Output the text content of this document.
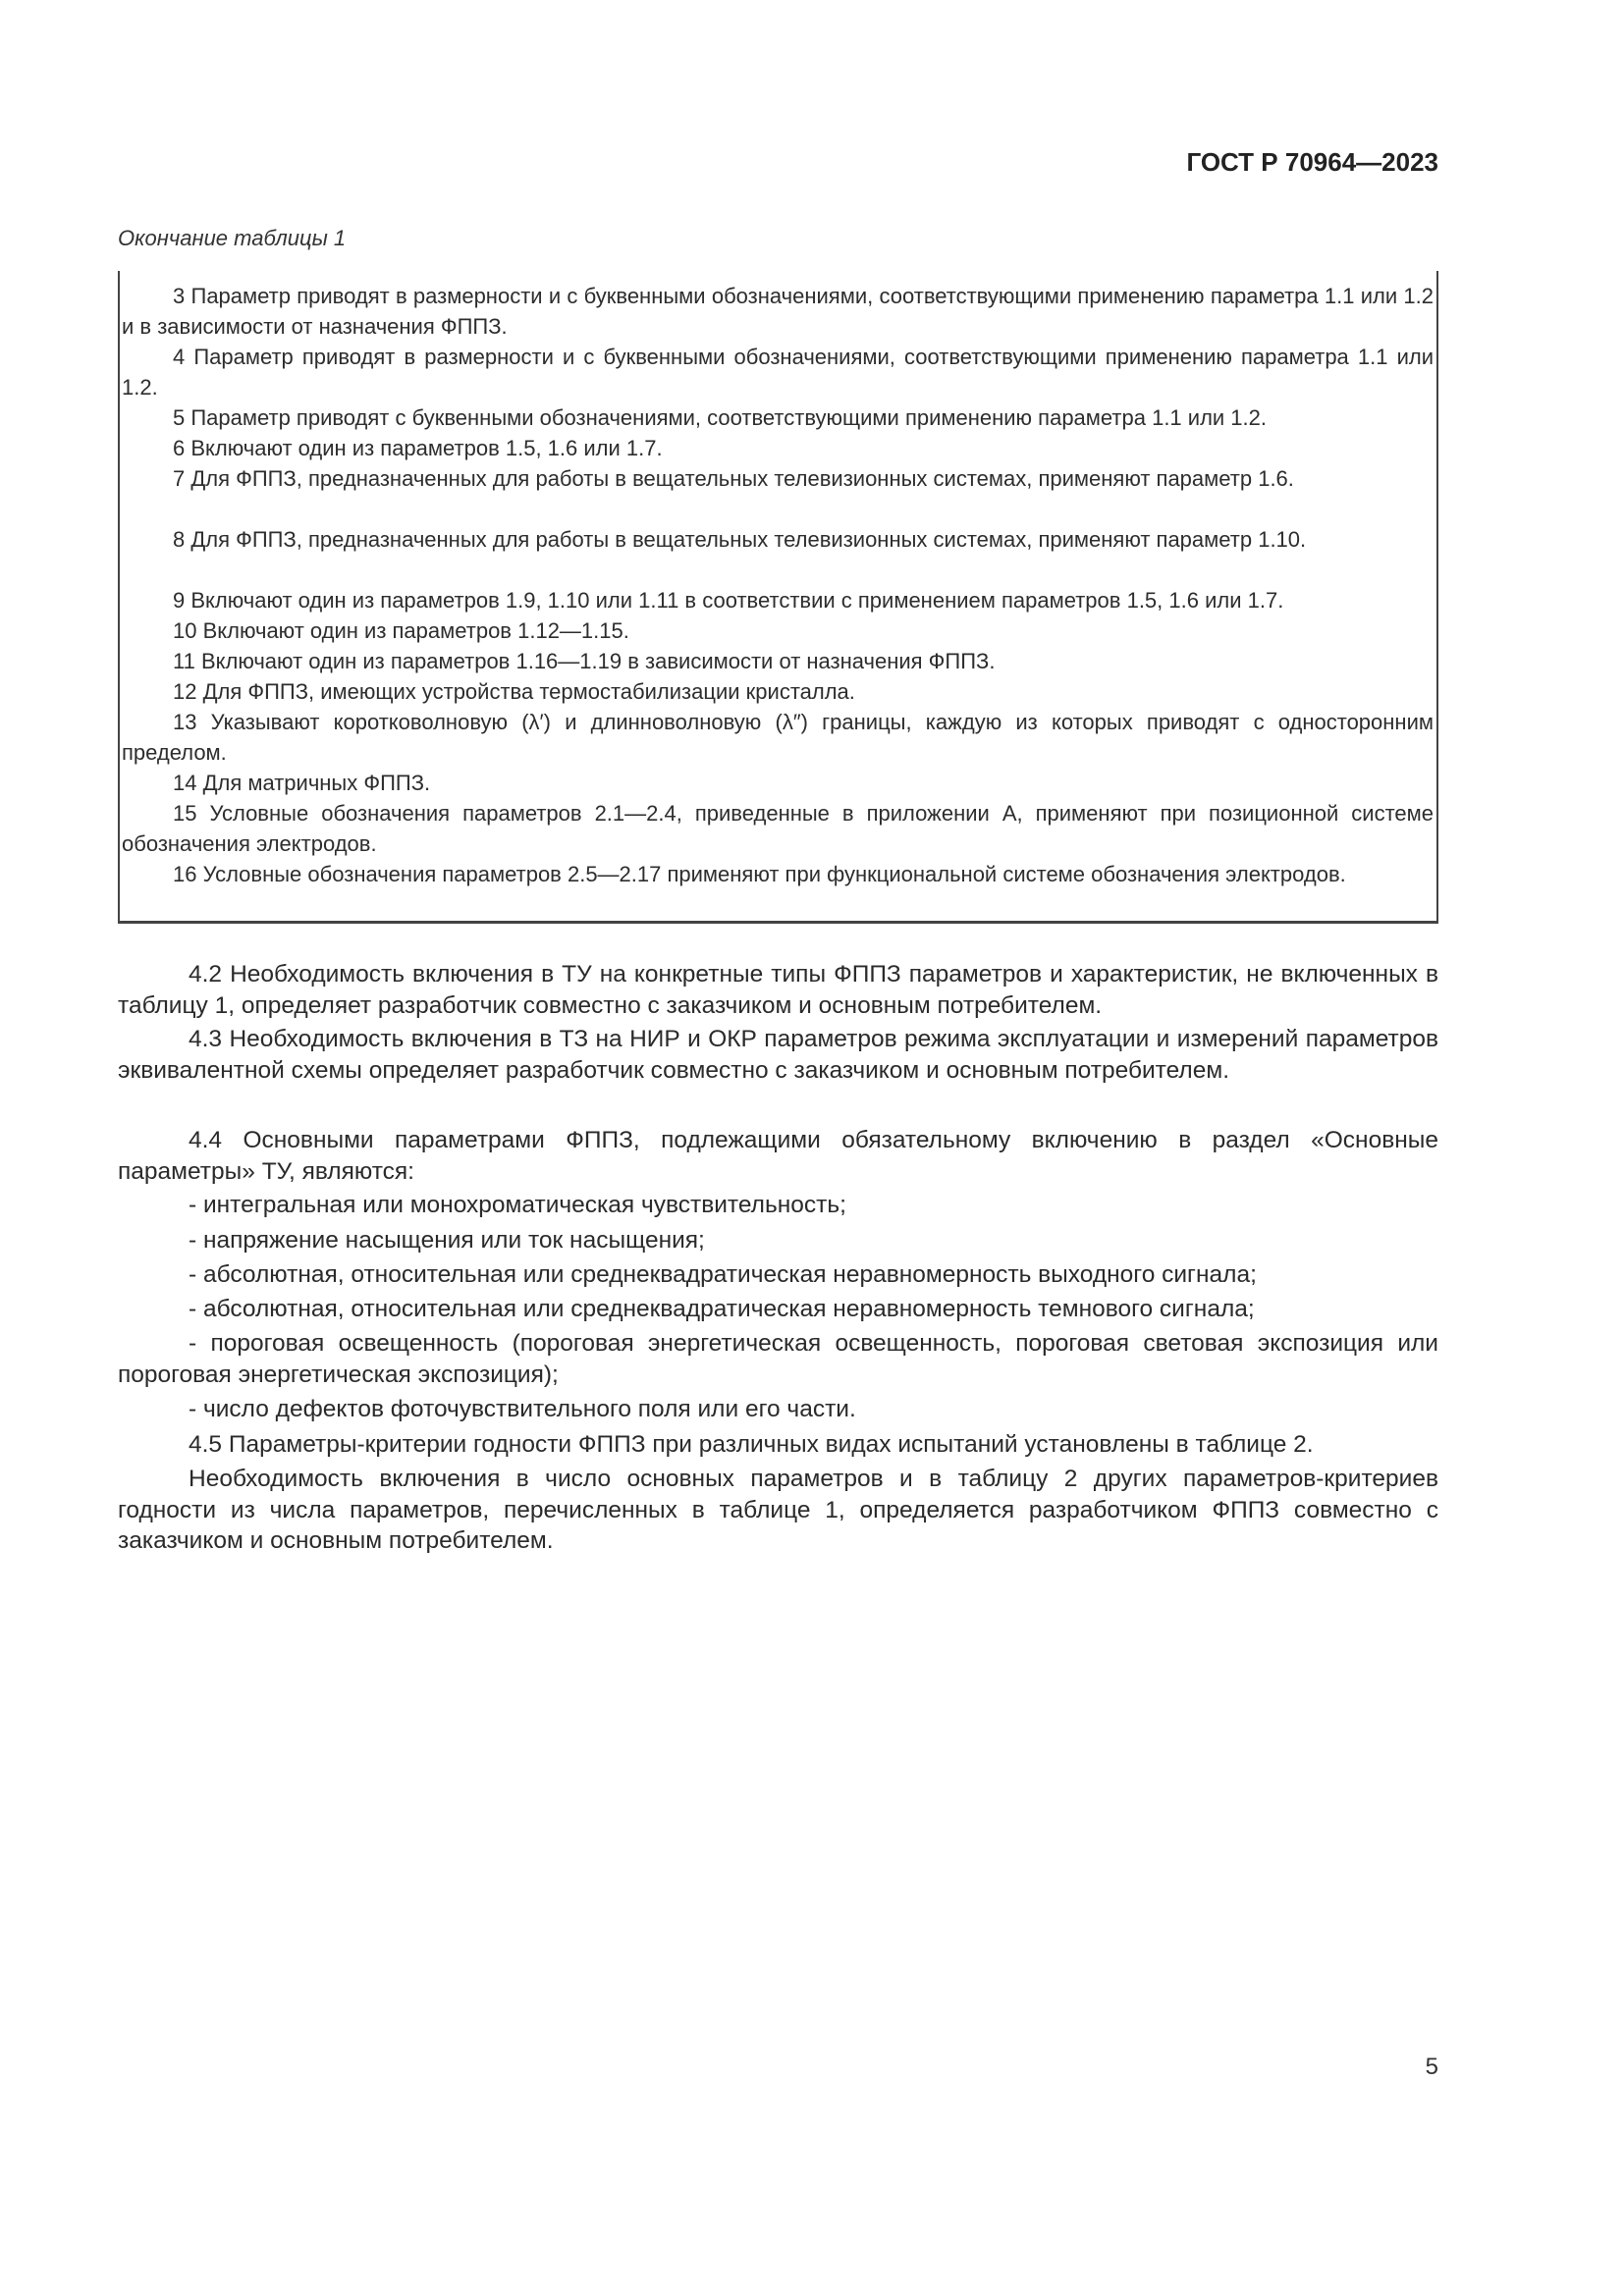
ГОСТ Р 70964—2023
Окончание таблицы 1

3 Параметр приводят в размерности и с буквенными обозначениями, соответствующими применению параметра 1.1 или 1.2 и в зависимости от назначения ФППЗ.

4 Параметр приводят в размерности и с буквенными обозначениями, соответствующими применению параметра 1.1 или 1.2.

5 Параметр приводят с буквенными обозначениями, соответствующими применению параметра 1.1 или 1.2.

6 Включают один из параметров 1.5, 1.6 или 1.7.

7 Для ФППЗ, предназначенных для работы в вещательных телевизионных системах, применяют параметр 1.6.

8 Для ФППЗ, предназначенных для работы в вещательных телевизионных системах, применяют параметр 1.10.

9 Включают один из параметров 1.9, 1.10 или 1.11 в соответствии с применением параметров 1.5, 1.6 или 1.7.

10 Включают один из параметров 1.12—1.15.

11 Включают один из параметров 1.16—1.19 в зависимости от назначения ФППЗ.

12 Для ФППЗ, имеющих устройства термостабилизации кристалла.

13 Указывают коротковолновую (λ′) и длинноволновую (λ″) границы, каждую из которых приводят с односторонним пределом.

14 Для матричных ФППЗ.

15 Условные обозначения параметров 2.1—2.4, приведенные в приложении А, применяют при позиционной системе обозначения электродов.

16 Условные обозначения параметров 2.5—2.17 применяют при функциональной системе обозначения электродов.

4.2 Необходимость включения в ТУ на конкретные типы ФППЗ параметров и характеристик, не включенных в таблицу 1, определяет разработчик совместно с заказчиком и основным потребителем.

4.3 Необходимость включения в ТЗ на НИР и ОКР параметров режима эксплуатации и измерений параметров эквивалентной схемы определяет разработчик совместно с заказчиком и основным потребителем.

4.4 Основными параметрами ФППЗ, подлежащими обязательному включению в раздел «Основные параметры» ТУ, являются:

- интегральная или монохроматическая чувствительность;

- напряжение насыщения или ток насыщения;

- абсолютная, относительная или среднеквадратическая неравномерность выходного сигнала;

- абсолютная, относительная или среднеквадратическая неравномерность темнового сигнала;

- пороговая освещенность (пороговая энергетическая освещенность, пороговая световая экспозиция или пороговая энергетическая экспозиция);

- число дефектов фоточувствительного поля или его части.

4.5 Параметры-критерии годности ФППЗ при различных видах испытаний установлены в таблице 2.

Необходимость включения в число основных параметров и в таблицу 2 других параметров-критериев годности из числа параметров, перечисленных в таблице 1, определяется разработчиком ФППЗ совместно с заказчиком и основным потребителем.

5
